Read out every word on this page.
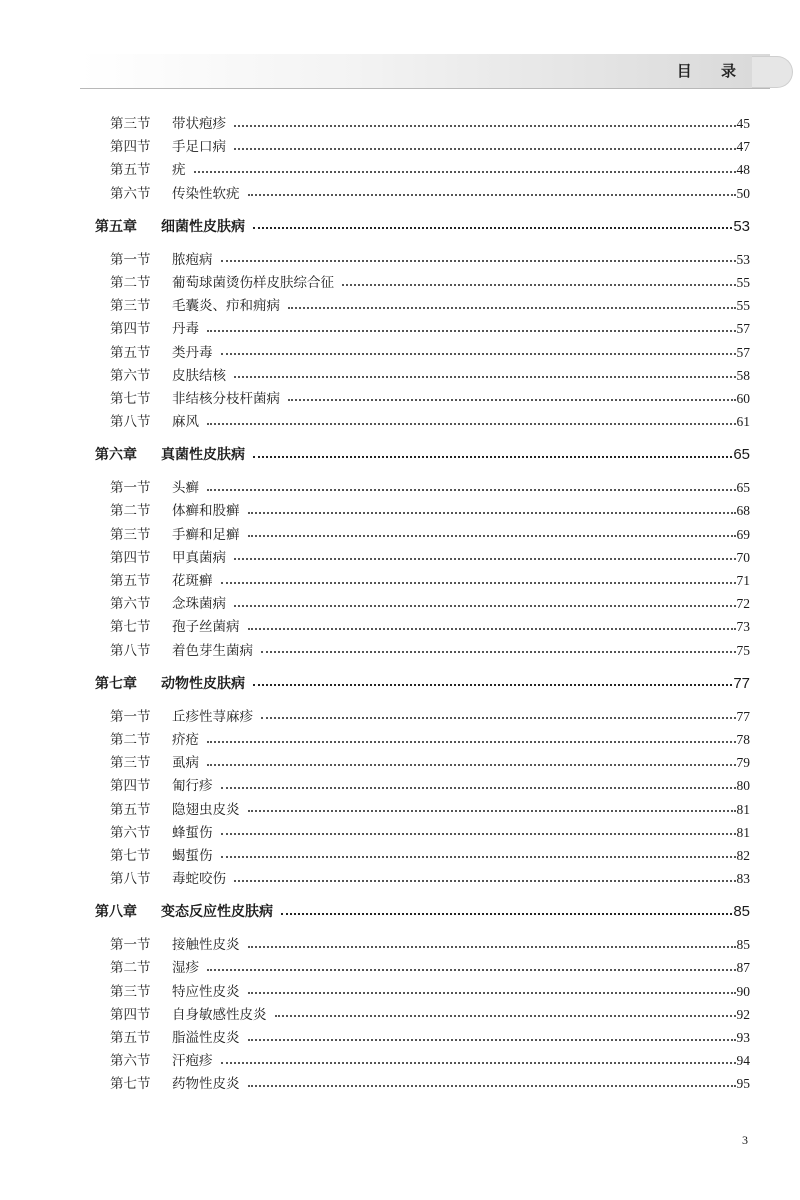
目 录
第三节	带状疱疹	45
第四节	手足口病	47
第五节	疣	48
第六节	传染性软疣	50
第五章	细菌性皮肤病	53
第一节	脓疱病	53
第二节	葡萄球菌烫伤样皮肤综合征	55
第三节	毛囊炎、疖和痈病	55
第四节	丹毒	57
第五节	类丹毒	57
第六节	皮肤结核	58
第七节	非结核分枝杆菌病	60
第八节	麻风	61
第六章	真菌性皮肤病	65
第一节	头癣	65
第二节	体癣和股癣	68
第三节	手癣和足癣	69
第四节	甲真菌病	70
第五节	花斑癣	71
第六节	念珠菌病	72
第七节	孢子丝菌病	73
第八节	着色芽生菌病	75
第七章	动物性皮肤病	77
第一节	丘疹性荨麻疹	77
第二节	疥疮	78
第三节	虱病	79
第四节	匍行疹	80
第五节	隐翅虫皮炎	81
第六节	蜂蜇伤	81
第七节	蝎蜇伤	82
第八节	毒蛇咬伤	83
第八章	变态反应性皮肤病	85
第一节	接触性皮炎	85
第二节	湿疹	87
第三节	特应性皮炎	90
第四节	自身敏感性皮炎	92
第五节	脂溢性皮炎	93
第六节	汗疱疹	94
第七节	药物性皮炎	95
3
